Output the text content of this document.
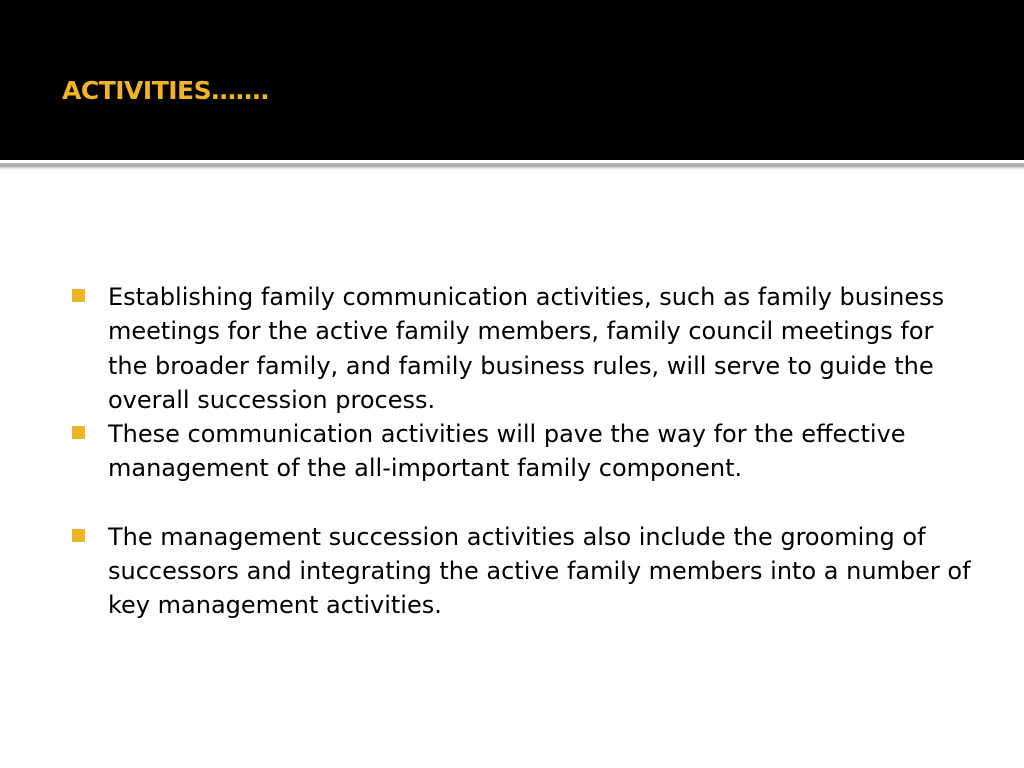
ACTIVITIES…….
Establishing family communication activities, such as family business meetings for the active family members, family council meetings for the broader family, and family business rules, will serve to guide the overall succession process.
These communication activities will pave the way for the effective management of the all-important family component.
The management succession activities also include the grooming of successors and integrating the active family members into a number of key management activities.
